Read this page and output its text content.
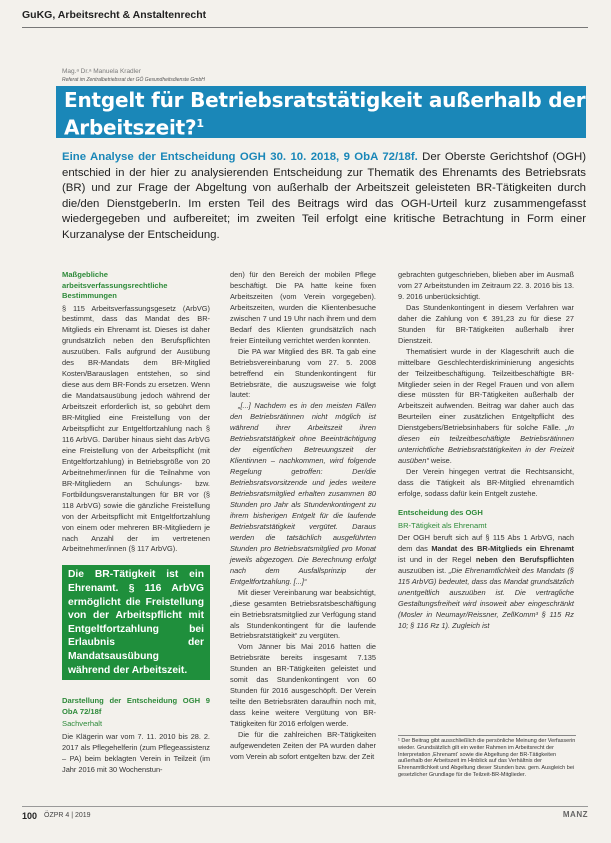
GuKG, Arbeitsrecht & Anstaltenrecht
Mag.ᵃ Dr.ᵃ Manuela Kradler
Referat im Zentralbetriebsrat der GÖ Gesundheitsdienste GmbH
Entgelt für Betriebsratstätigkeit außerhalb der
Arbeitszeit?$^1$
Eine Analyse der Entscheidung OGH 30. 10. 2018, 9 ObA 72/18f. Der Oberste Gerichtshof (OGH) entschied in der hier zu analysierenden Entscheidung zur Thematik des Ehrenamts des Betriebsrats (BR) und zur Frage der Abgeltung von außerhalb der Arbeitszeit geleisteten BR-Tätigkeiten durch die/den DienstgeberIn. Im ersten Teil des Beitrags wird das OGH-Urteil kurz zusammengefasst wiedergegeben und aufbereitet; im zweiten Teil erfolgt eine kritische Betrachtung in Form einer Kurzanalyse der Entscheidung.
Maßgebliche arbeitsverfassungsrechtliche Bestimmungen

§ 115 Arbeitsverfassungsgesetz (ArbVG) bestimmt, dass das Mandat des BR-Mitglieds ein Ehrenamt ist. Dieses ist daher grundsätzlich neben den Berufspflichten auszuüben. Falls aufgrund der Ausübung des BR-Mandats dem BR-Mitglied Kosten/Barauslagen entstehen, so sind diese aus dem BR-Fonds zu ersetzen. Wenn die Mandatsausübung jedoch während der Arbeitszeit erforderlich ist, so gebührt dem BR-Mitglied eine Freistellung von der Arbeitspflicht zur Entgeltfortzahlung nach § 116 ArbVG. Darüber hinaus sieht das ArbVG eine Freistellung von der Arbeitspflicht (mit Entgeltfortzahlung) in Betriebsgröße von 20 Arbeitnehmer/innen für die Teilnahme von BR-Mitgliedern an Schulungs- bzw. Fortbildungsveranstaltungen für BR vor (§ 118 ArbVG) sowie die gänzliche Freistellung von der Arbeitspflicht mit Entgeltfortzahlung von einem oder mehreren BR-Mitgliedern je nach Anzahl der im vertretenen Arbeitnehmer/innen (§ 117 ArbVG).

Die BR-Tätigkeit ist ein Ehrenamt. § 116 ArbVG ermöglicht die Freistellung von der Arbeitspflicht mit Entgeltfortzahlung bei Erlaubnis der Mandatsausübung während der Arbeitszeit.
Darstellung der Entscheidung OGH 9 ObA 72/18f
Sachverhalt

Die Klägerin war vom 7. 11. 2010 bis 28. 2. 2017 als Pflegehelferin (zum Pflegeassistenz – PA) beim beklagten Verein in Teilzeit (im Jahr 2016 mit 30 Wochenstun-

den) für den Bereich der mobilen Pflege beschäftigt. Die PA hatte keine fixen Arbeitszeiten (vom Verein vorgegeben). Arbeitszeiten, wurden die Klientenbesuche zwischen 7 und 19 Uhr nach ihrem und dem Bedarf des Klienten grundsätzlich nach freier Einteilung verrichtet werden konnten.

Die PA war Mitglied des BR. Ta gab eine Betriebsvereinbarung vom 27. 5. 2008 betreffend ein Stundenkontingent für Betriebsräte, die auszugsweise wie folgt lautet:

„[...] Nachdem es in den meisten Fällen den Betriebsrätinnen nicht möglich ist während ihrer Arbeitszeit ihren Betriebsratstätigkeit ohne Beeinträchtigung der eigentlichen Betreuungszeit der Klientinnen – nachkommen, wird folgende Regelung getroffen: Der/die Betriebsratsvorsitzende und jedes weitere Betriebsratsmitglied erhalten zusammen 80 Stunden pro Jahr als Stundenkontingent zu ihrem bisherigen Entgelt für die laufende Betriebsratstätigkeit vergütet. Daraus werden die tatsächlich ausgeführten Stunden pro Betriebsratsmitglied pro Monat jeweils abgezogen. Die Berechnung erfolgt nach dem Ausfallsprinzip der Entgeltfortzahlung. [...]“

Mit dieser Vereinbarung war beabsichtigt, „diese gesamten Betriebsratsbeschäftigung ein Betriebsratsmitglied zur Verfügung stand als Stundenkontingent für die laufende Betriebsratstätigkeit“ zu vergüten.

Vom Jänner bis Mai 2016 hatten die Betriebsräte bereits insgesamt 7.135 Stunden an BR-Tätigkeiten geleistet und somit das Stundenkontingent von 60 Stunden für 2016 ausgeschöpft. Der Verein teilte den Betriebsräten daraufhin noch mit, dass keine weitere Vergütung von BR-Tätigkeiten für 2016 erfolgen werde.

Die für die zahlreichen BR-Tätigkeiten aufgewendeten Zeiten der PA wurden daher vom Verein ab sofort entgelten bzw. der Zeit

gebrachten gutgeschrieben, blieben aber im Ausmaß vom 27 Arbeitstunden im Zeitraum 22. 3. 2016 bis 13. 9. 2016 unberücksichtigt.

Das Stundenkontingent in diesem Verfahren war daher die Zahlung von € 391,23 zu für diese 27 Stunden für BR-Tätigkeiten außerhalb ihrer Dienstzeit.

Thematisiert wurde in der Klageschrift auch die mittelbare Geschlechterdiskriminierung angesichts der Teilzeitbeschäftigung. Teilzeitbeschäftigte BR-Mitglieder seien in der Regel Frauen und von allem diese müssten für BR-Tätigkeiten außerhalb der Arbeitszeit aufwenden. Beitrag war daher auch das Beurteilen einer zusätzlichen Entgeltpflicht des Dienstgebers/Betriebsinhabers für solche Fälle. „In diesen ein teilzeitbeschäftigte Betriebsrätinnen unterrichtliche Betriebsratstätigkeiten in der Freizeit ausüben“ weise.

Der Verein hingegen vertrat die Rechtsansicht, dass die Tätigkeit als BR-Mitglied ehrenamtlich erfolge, sodass dafür kein Entgelt zustehe.

Entscheidung des OGH
BR-Tätigkeit als Ehrenamt

Der OGH beruft sich auf § 115 Abs 1 ArbVG, nach dem das Mandat des BR-Mitglieds ein Ehrenamt ist und in der Regel neben den Berufspflichten auszuüben ist. „Die Ehrenamtlichkeit des Mandats (§ 115 ArbVG) bedeutet, dass das Mandat grundsätzlich unentgeltlich auszuüben ist. Die vertragliche Gestaltungsfreiheit wird insoweit aber eingeschränkt (Mosler in Neumayr/Reissner, ZellKomm³ § 115 Rz 10; § 116 Rz 1). Zugleich ist

¹ Der Beitrag gibt ausschließlich die persönliche Meinung der Verfasserin wieder. Grundsätzlich gilt ein weiter Rahmen im Arbeitsrecht der Interpretation ‚Ehrenamt‘ sowie die Abgeltung der BR-Tätigkeiten außerhalb der Arbeitszeit im Hinblick auf das Verhältnis der Ehrenamtlichkeit und Abgeltung dieser Stunden bzw. gem. Ausgleich bei gesetzlicher Grundlage für die Teilzeit-BR-Mitglieder.
100 ÖZPR 4 | 2019	MANZ
